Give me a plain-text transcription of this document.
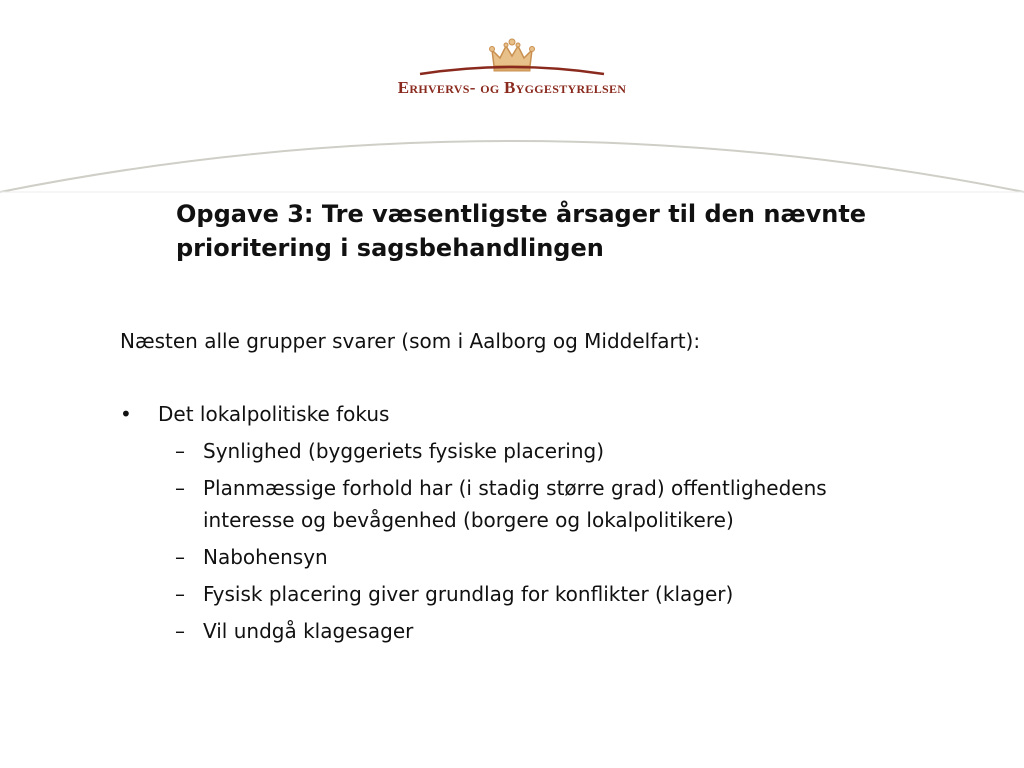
Erhvervs- og Byggestyrelsen
Opgave 3: Tre væsentligste årsager til den nævnte prioritering i sagsbehandlingen

Næsten alle grupper svarer (som i Aalborg og Middelfart):

•	Det lokalpolitiske fokus
– Synlighed (byggeriets fysiske placering)
– Planmæssige forhold har (i stadig større grad) offentlighedens interesse og bevågenhed (borgere og lokalpolitikere)
– Nabohensyn
– Fysisk placering giver grundlag for konflikter (klager)
– Vil undgå klagesager
